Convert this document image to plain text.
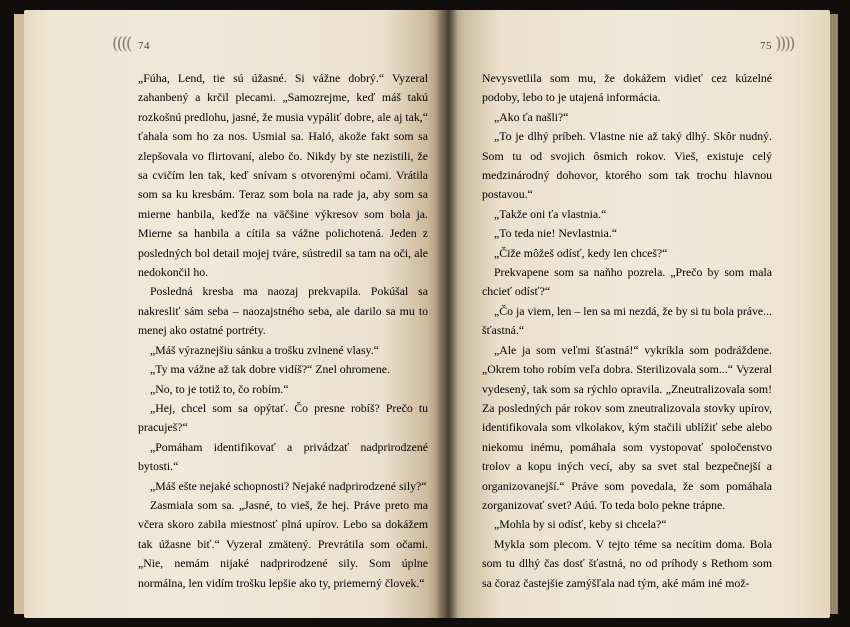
(((( 74	75 ))))

„Fúha, Lend, tie sú úžasné. Si vážne dobrý.“ Vyzeral zahanbený a krčil plecami. „Samozrejme, keď máš takú rozkošnú predlohu, jasné, že musia vypáliť dobre, ale aj tak,“ ťahala som ho za nos. Usmial sa. Haló, akože fakt som sa zlepšovala vo flirtovaní, alebo čo. Nikdy by ste nezistili, že sa cvičím len tak, keď snívam s otvorenými očami. Vrátila som sa ku kresbám. Teraz som bola na rade ja, aby som sa mierne hanbila, keďže na väčšine výkresov som bola ja. Mierne sa hanbila a cítila sa vážne polichotená. Jeden z posledných bol detail mojej tváre, sústredil sa tam na oči, ale nedokončil ho.

Posledná kresba ma naozaj prekvapila. Pokúšal sa nakresliť sám seba – naozajstného seba, ale darilo sa mu to menej ako ostatné portréty.

„Máš výraznejšiu sánku a trošku zvlnené vlasy.“

„Ty ma vážne až tak dobre vidíš?“ Znel ohromene.

„No, to je totiž to, čo robím.“

„Hej, chcel som sa opýtať. Čo presne robíš? Prečo tu pracuješ?“

„Pomáham identifikovať a privádzať nadprirodzené bytosti.“

„Máš ešte nejaké schopnosti? Nejaké nadprirodzené sily?“

Zasmiala som sa. „Jasné, to vieš, že hej. Práve preto ma včera skoro zabila miestnosť plná upírov. Lebo sa dokážem tak úžasne biť.“ Vyzeral zmätený. Prevrátila som očami. „Nie, nemám nijaké nadprirodzené sily. Som úplne normálna, len vidím trošku lepšie ako ty, priemerný človek.“

Nevysvetlila som mu, že dokážem vidieť cez kúzelné podoby, lebo to je utajená informácia.

„Ako ťa našli?“

„To je dlhý príbeh. Vlastne nie až taký dlhý. Skôr nudný. Som tu od svojich ôsmich rokov. Vieš, existuje celý medzinárodný dohovor, ktorého som tak trochu hlavnou postavou.“

„Takže oni ťa vlastnia.“

„To teda nie! Nevlastnia.“

„Čiže môžeš odísť, kedy len chceš?“

Prekvapene som sa naňho pozrela. „Prečo by som mala chcieť odísť?“

„Čo ja viem, len – len sa mi nezdá, že by si tu bola práve... šťastná.“

„Ale ja som veľmi šťastná!“ vykríkla som podráždene. „Okrem toho robím veľa dobra. Sterilizovala som...“ Vyzeral vydesený, tak som sa rýchlo opravila. „Zneutralizovala som! Za posledných pár rokov som zneutralizovala stovky upírov, identifikovala som vlkolakov, kým stačili ublížiť sebe alebo niekomu inému, pomáhala som vystopovať spoločenstvo trolov a kopu iných vecí, aby sa svet stal bezpečnejší a organizovanejší.“ Práve som povedala, že som pomáhala zorganizovať svet? Aúú. To teda bolo pekne trápne.

„Mohla by si odísť, keby si chcela?“

Mykla som plecom. V tejto téme sa necítim doma. Bola som tu dlhý čas dosť šťastná, no od príhody s Rethom som sa čoraz častejšie zamýšľala nad tým, aké mám iné mož-
